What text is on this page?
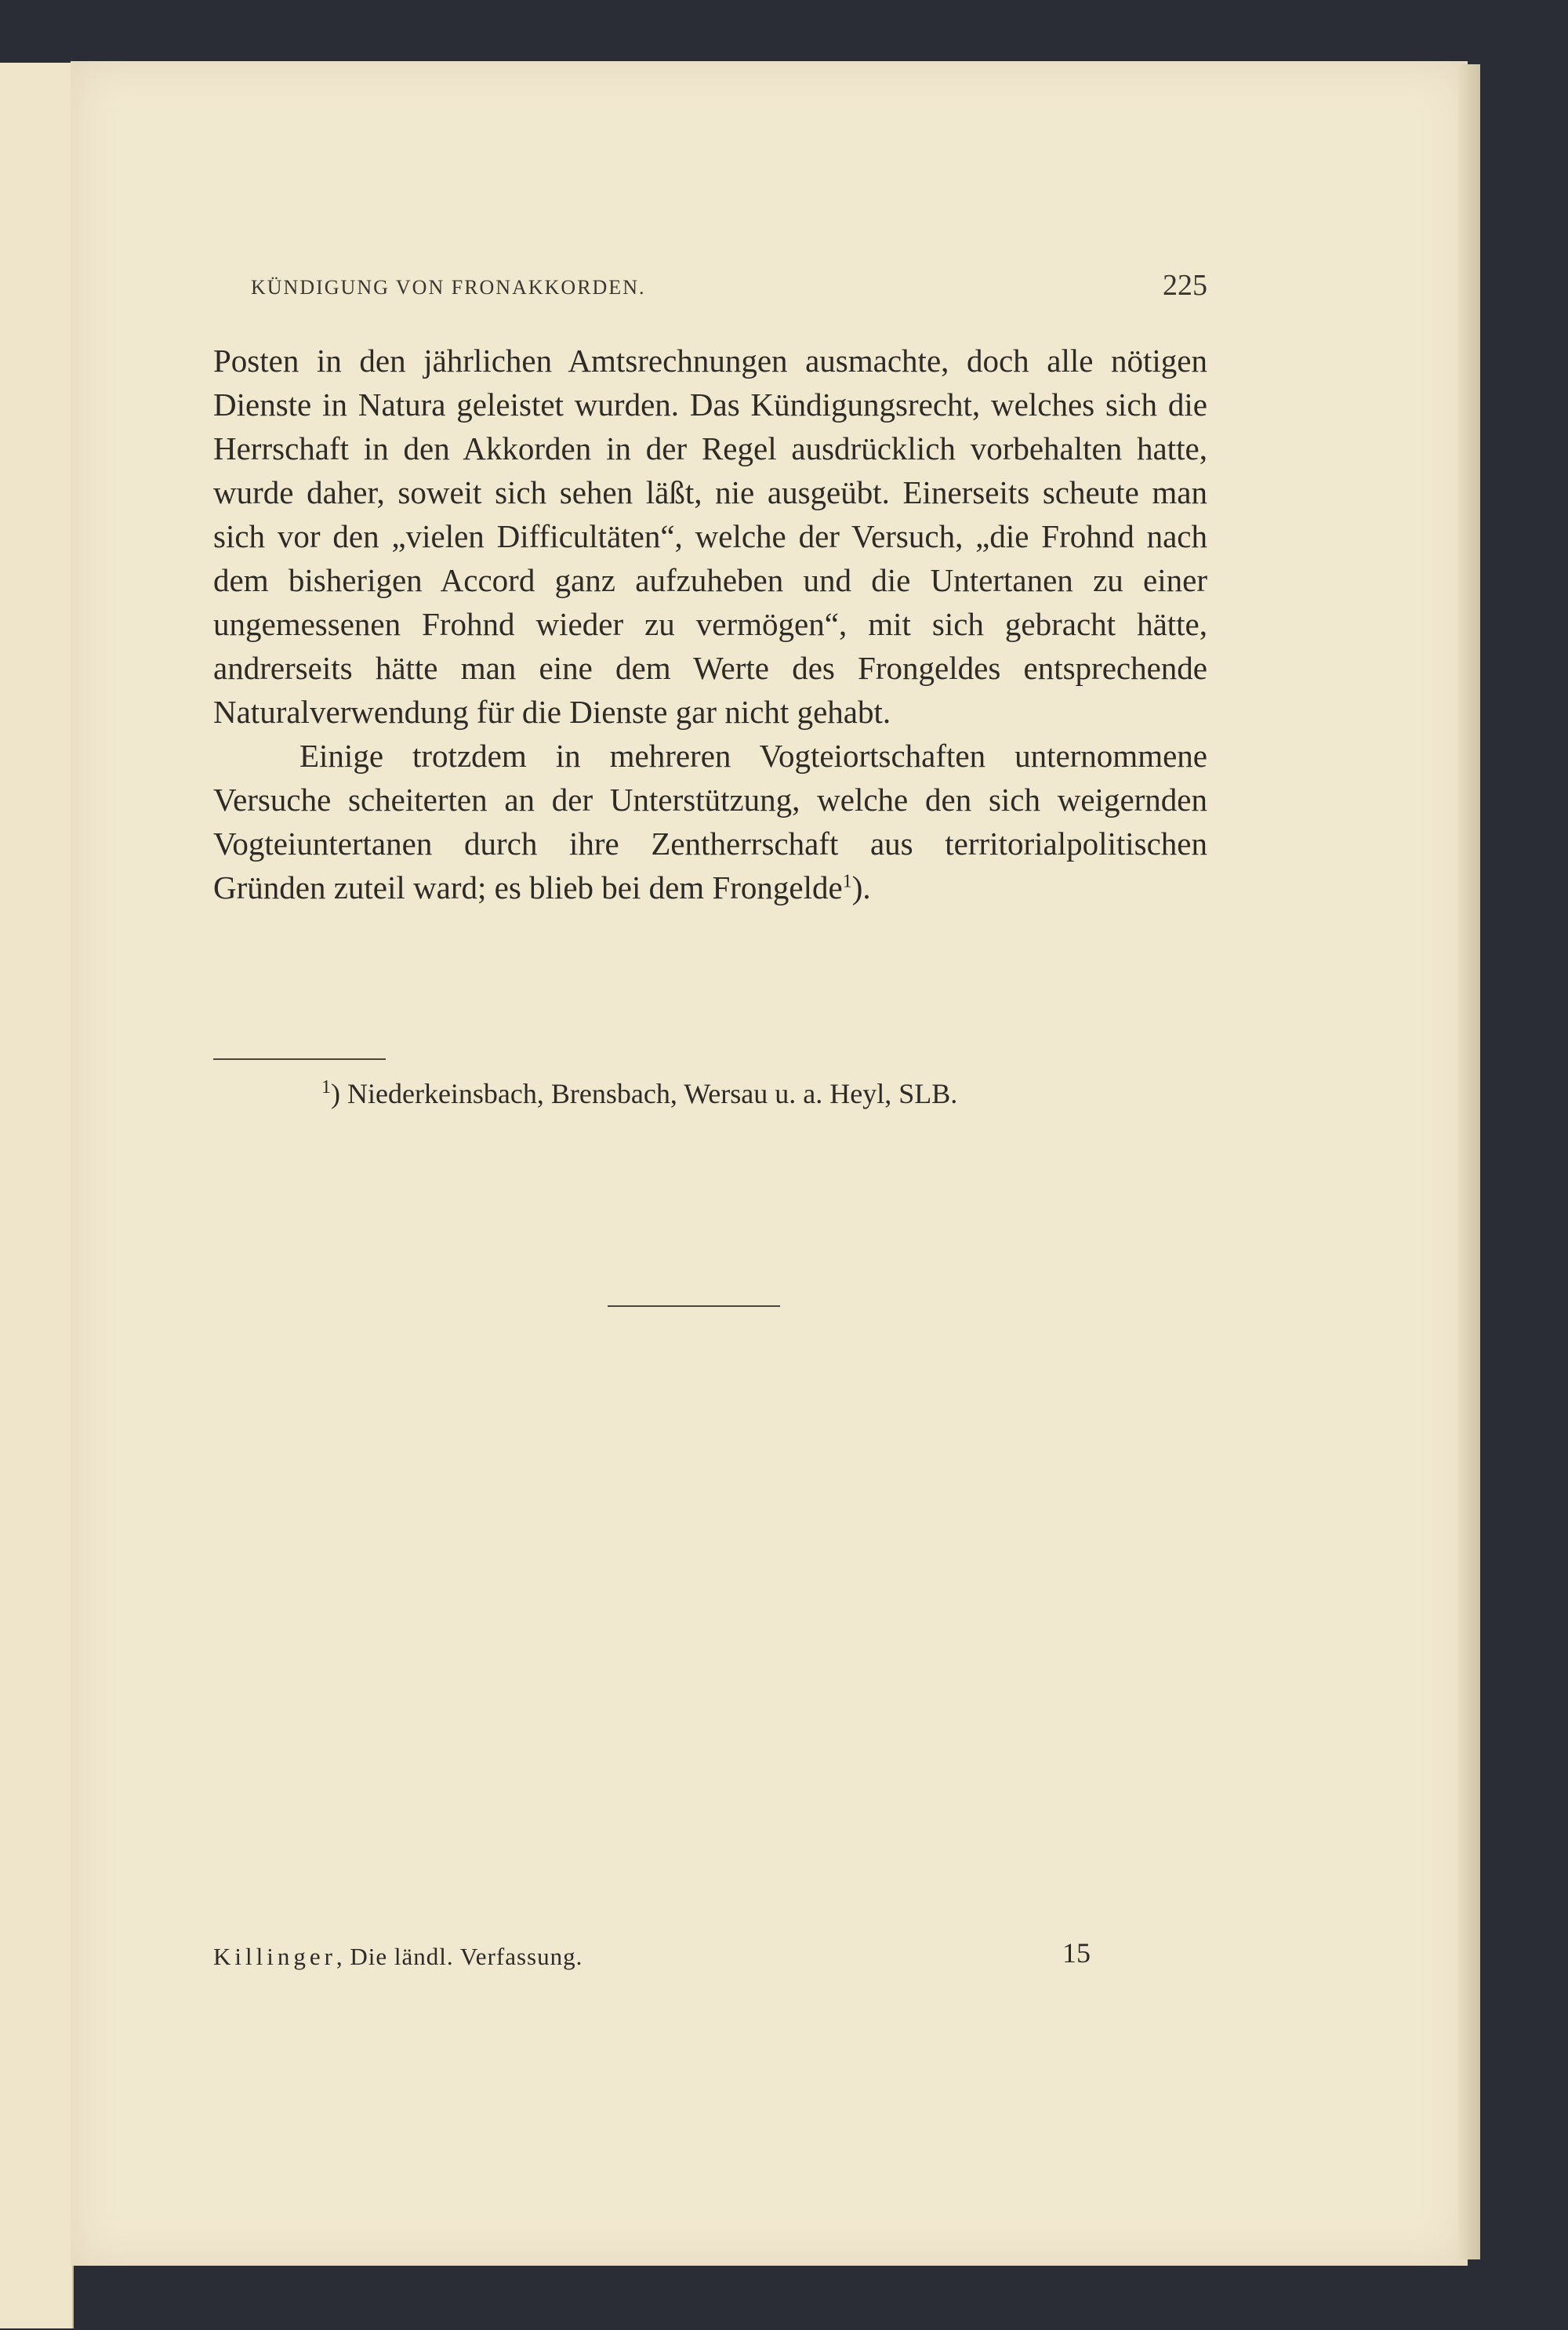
KÜNDIGUNG VON FRONAKKORDEN.	225

Posten in den jährlichen Amtsrechnungen ausmachte, doch alle nötigen Dienste in Natura geleistet wurden. Das Kündigungsrecht, welches sich die Herrschaft in den Akkorden in der Regel ausdrücklich vorbehalten hatte, wurde daher, soweit sich sehen läßt, nie ausgeübt. Einerseits scheute man sich vor den „vielen Difficultäten“, welche der Versuch, „die Frohnd nach dem bisherigen Accord ganz aufzuheben und die Untertanen zu einer ungemessenen Frohnd wieder zu vermögen“, mit sich gebracht hätte, andrerseits hätte man eine dem Werte des Frongeldes entsprechende Naturalverwendung für die Dienste gar nicht gehabt.

Einige trotzdem in mehreren Vogteiortschaften unternommene Versuche scheiterten an der Unterstützung, welche den sich weigernden Vogteiuntertanen durch ihre Zentherrschaft aus territorialpolitischen Gründen zuteil ward; es blieb bei dem Frongelde$^1$).

$^1$) Niederkeinsbach, Brensbach, Wersau u. a. Heyl, SLB.
Killinger, Die ländl. Verfassung.	15
